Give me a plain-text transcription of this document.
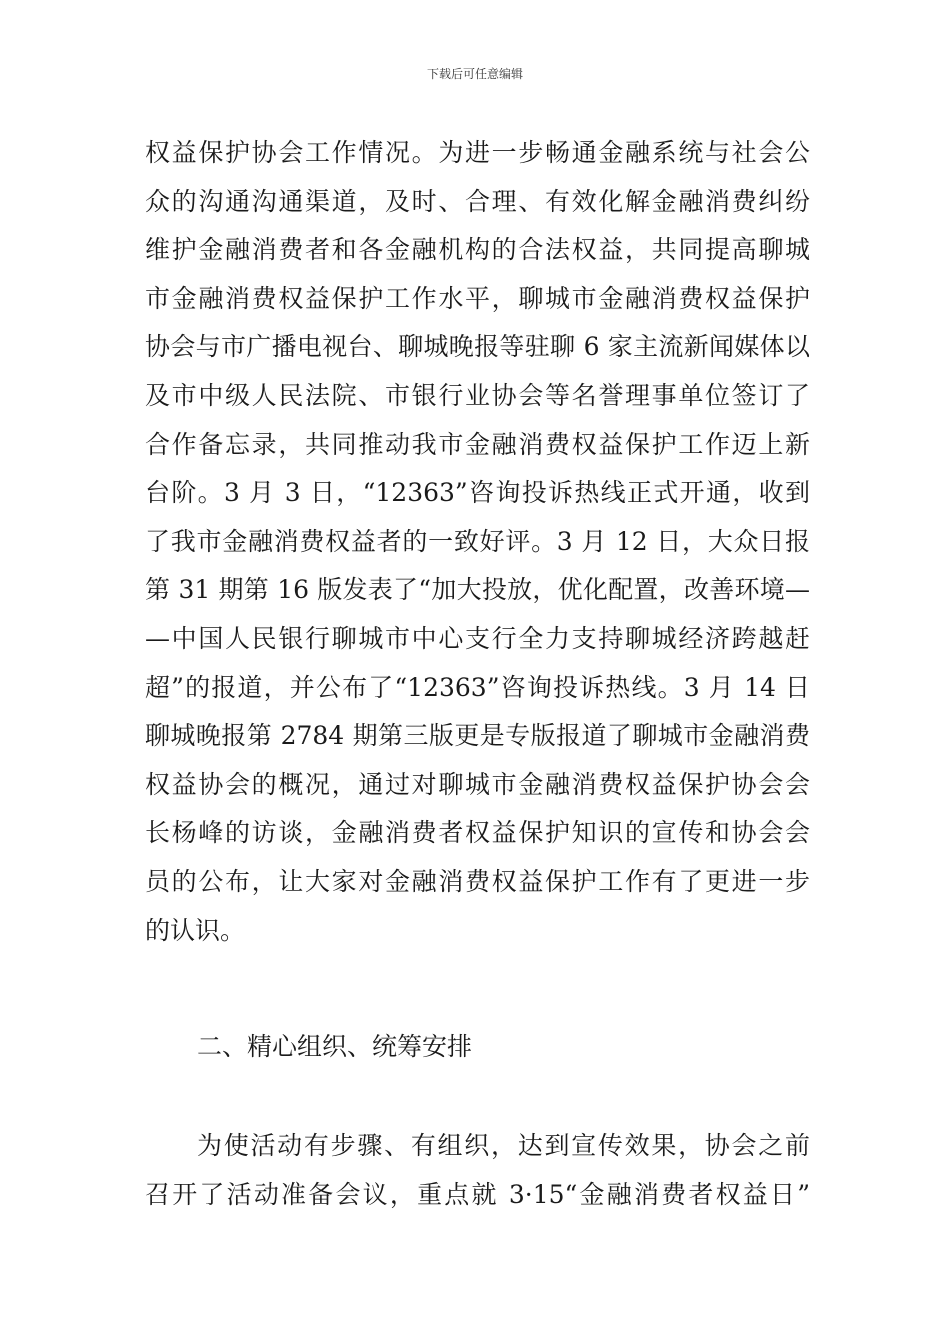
下载后可任意编辑
权益保护协会工作情况。为进一步畅通金融系统与社会公
众的沟通沟通渠道，及时、合理、有效化解金融消费纠纷
维护金融消费者和各金融机构的合法权益，共同提高聊城
市金融消费权益保护工作水平，聊城市金融消费权益保护
协会与市广播电视台、聊城晚报等驻聊 6 家主流新闻媒体以
及市中级人民法院、市银行业协会等名誉理事单位签订了
合作备忘录，共同推动我市金融消费权益保护工作迈上新
台阶。3 月 3 日，“12363”咨询投诉热线正式开通，收到
了我市金融消费权益者的一致好评。3 月 12 日，大众日报
第 31 期第 16 版发表了“加大投放，优化配置，改善环境—
—中国人民银行聊城市中心支行全力支持聊城经济跨越赶
超”的报道，并公布了“12363”咨询投诉热线。3 月 14 日
聊城晚报第 2784 期第三版更是专版报道了聊城市金融消费
权益协会的概况，通过对聊城市金融消费权益保护协会会
长杨峰的访谈，金融消费者权益保护知识的宣传和协会会
员的公布，让大家对金融消费权益保护工作有了更进一步
的认识。
二、精心组织、统筹安排
为使活动有步骤、有组织，达到宣传效果，协会之前
召开了活动准备会议，重点就 3·15“金融消费者权益日”
